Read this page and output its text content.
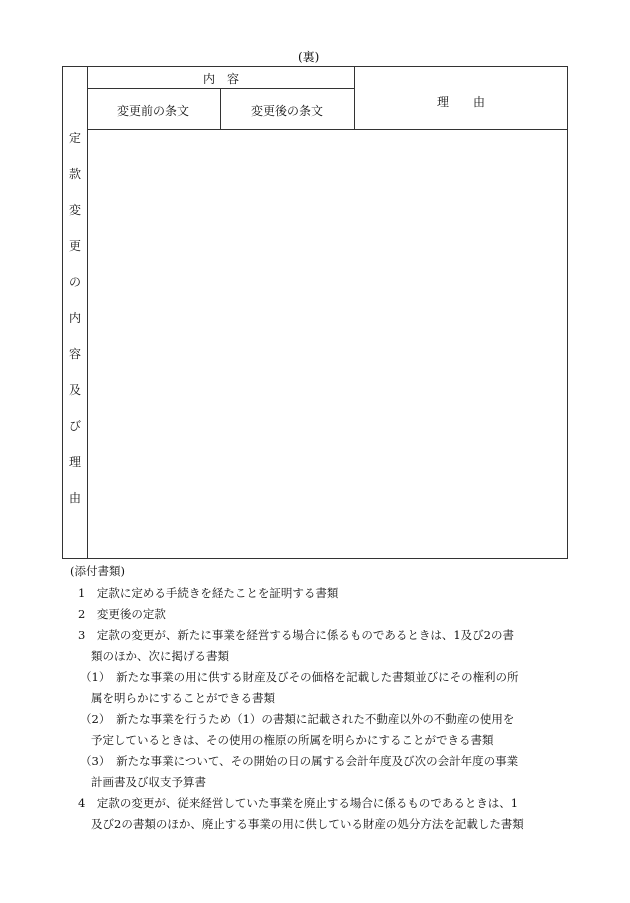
(裏)
内　容
変更前の条文	変更後の条文
理　　由
定
款
変
更
の
内
容
及
び
理
由
(添付書類)
1　定款に定める手続きを経たことを証明する書類
2　変更後の定款
3　定款の変更が、新たに事業を経営する場合に係るものであるときは、1及び2の書
類のほか、次に掲げる書類
（1）　新たな事業の用に供する財産及びその価格を記載した書類並びにその権利の所
属を明らかにすることができる書類
（2）　新たな事業を行うため（1）の書類に記載された不動産以外の不動産の使用を
予定しているときは、その使用の権原の所属を明らかにすることができる書類
（3）　新たな事業について、その開始の日の属する会計年度及び次の会計年度の事業
計画書及び収支予算書
4　定款の変更が、従来経営していた事業を廃止する場合に係るものであるときは、1
及び2の書類のほか、廃止する事業の用に供している財産の処分方法を記載した書類
